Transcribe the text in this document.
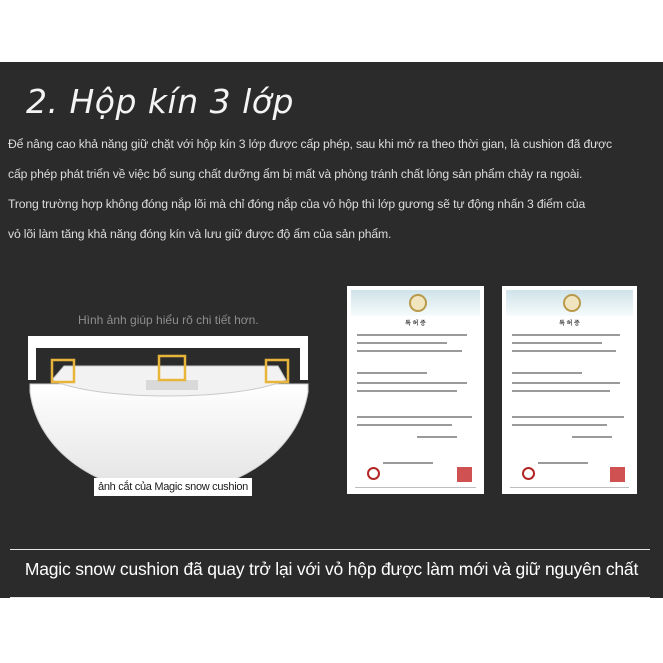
2. Hộp kín 3 lớp

Để nâng cao khả năng giữ chặt với hộp kín 3 lớp được cấp phép, sau khi mở ra theo thời gian, là cushion đã được
cấp phép phát triển về việc bổ sung chất dưỡng ẩm bị mất và phòng tránh chất lỏng sản phẩm chảy ra ngoài.
Trong trường hợp không đóng nắp lõi mà chỉ đóng nắp của vỏ hộp thì lớp gương sẽ tự động nhấn 3 điểm của
vỏ lõi làm tăng khả năng đóng kín và lưu giữ được độ ẩm của sản phẩm.

Hình ảnh giúp hiểu rõ chi tiết hơn.
ảnh cắt của Magic snow cushion
특 허 증	특 허 증
Magic snow cushion đã quay trở lại với vỏ hộp được làm mới và giữ nguyên chất
